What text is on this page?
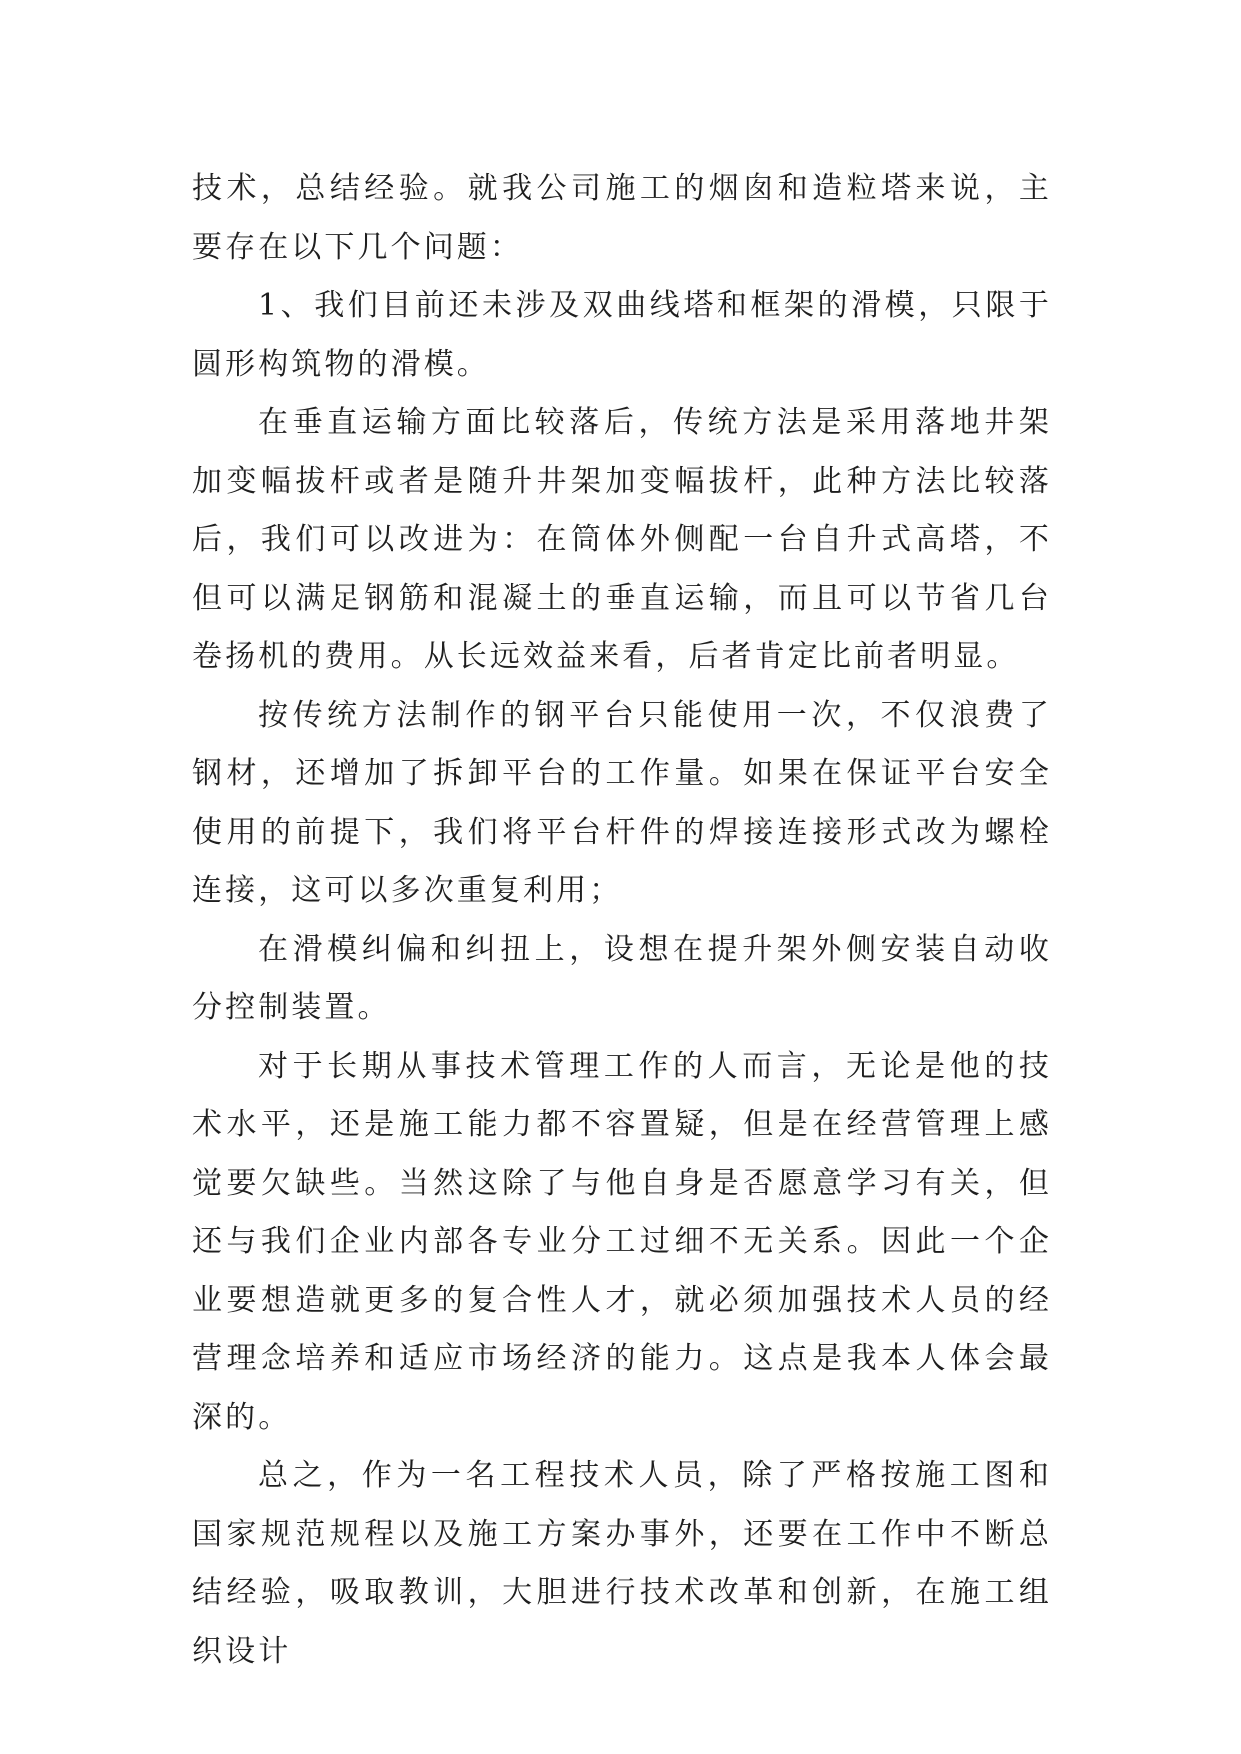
技术，总结经验。就我公司施工的烟囱和造粒塔来说，主要存在以下几个问题：

1、我们目前还未涉及双曲线塔和框架的滑模，只限于圆形构筑物的滑模。

在垂直运输方面比较落后，传统方法是采用落地井架加变幅拔杆或者是随升井架加变幅拔杆，此种方法比较落后，我们可以改进为：在筒体外侧配一台自升式高塔，不但可以满足钢筋和混凝土的垂直运输，而且可以节省几台卷扬机的费用。从长远效益来看，后者肯定比前者明显。

按传统方法制作的钢平台只能使用一次，不仅浪费了钢材，还增加了拆卸平台的工作量。如果在保证平台安全使用的前提下，我们将平台杆件的焊接连接形式改为螺栓连接，这可以多次重复利用；

在滑模纠偏和纠扭上，设想在提升架外侧安装自动收分控制装置。

对于长期从事技术管理工作的人而言，无论是他的技术水平，还是施工能力都不容置疑，但是在经营管理上感觉要欠缺些。当然这除了与他自身是否愿意学习有关，但还与我们企业内部各专业分工过细不无关系。因此一个企业要想造就更多的复合性人才，就必须加强技术人员的经营理念培养和适应市场经济的能力。这点是我本人体会最深的。

总之，作为一名工程技术人员，除了严格按施工图和国家规范规程以及施工方案办事外，还要在工作中不断总结经验，吸取教训，大胆进行技术改革和创新，在施工组织设计
